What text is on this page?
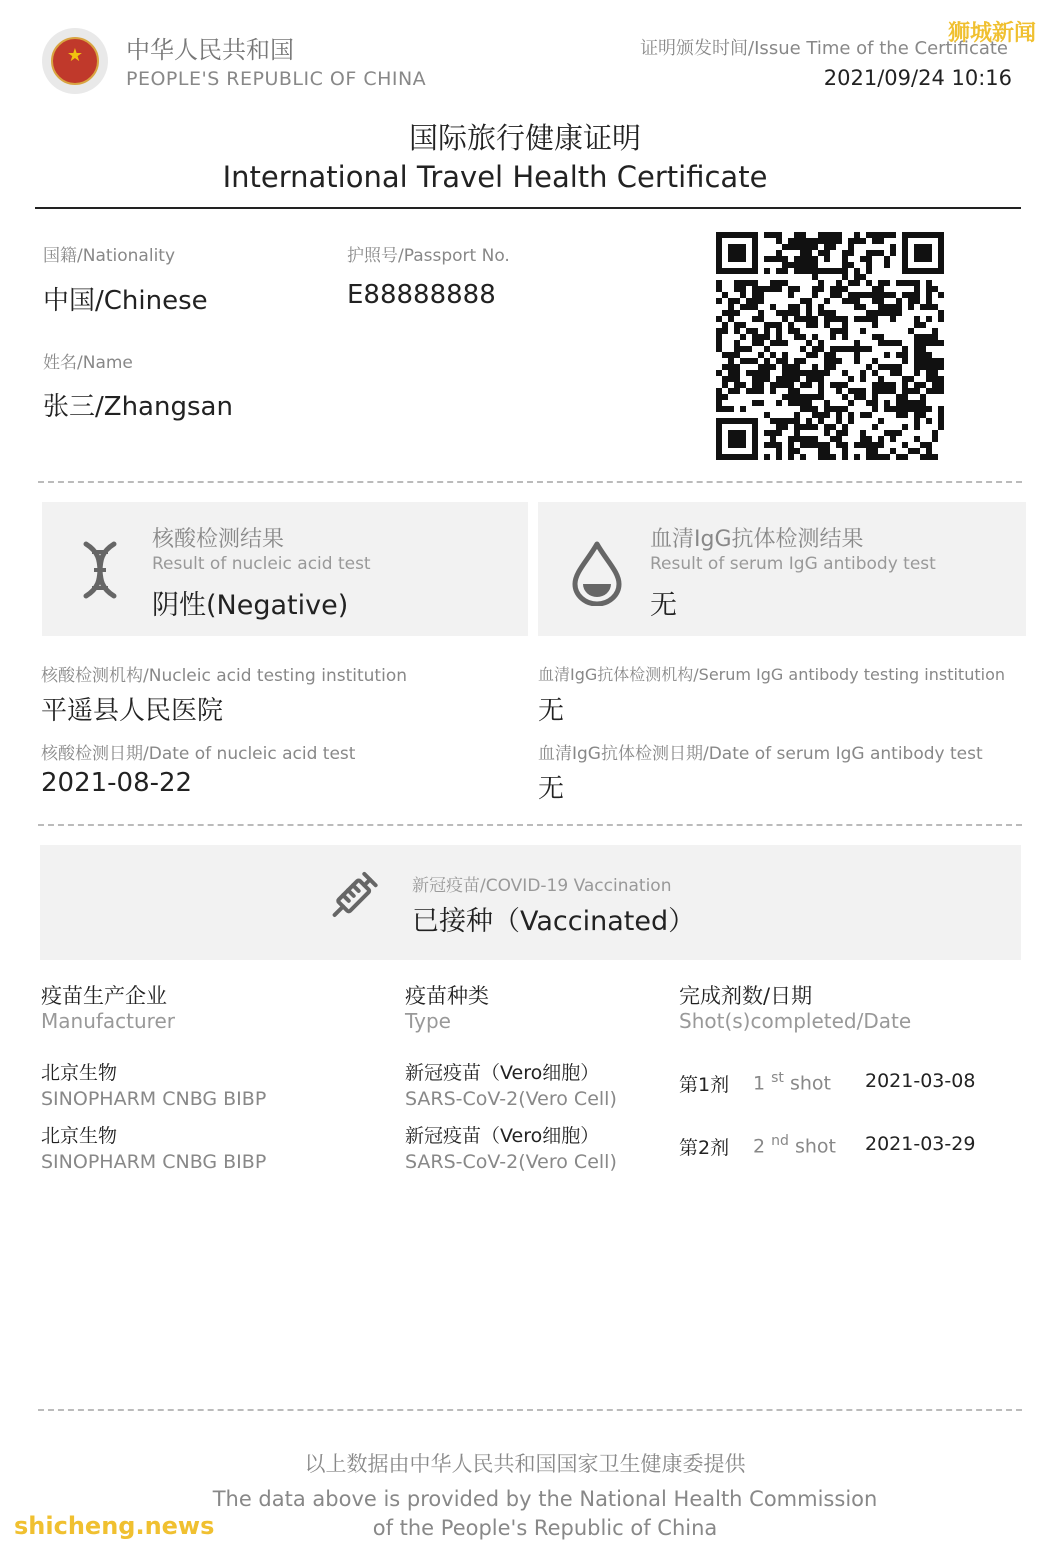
★	中华人民共和国
PEOPLE'S REPUBLIC OF CHINA
证明颁发时间/Issue Time of the Certificate
2021/09/24 10:16
狮城新闻
国际旅行健康证明
International Travel Health Certificate
国籍/Nationality
中国/Chinese
护照号/Passport No.
E88888888
姓名/Name
张三/Zhangsan
核酸检测结果
Result of nucleic acid test
阴性(Negative)
血清IgG抗体检测结果
Result of serum IgG antibody test
无
核酸检测机构/Nucleic acid testing institution
平遥县人民医院
核酸检测日期/Date of nucleic acid test
2021-08-22
血清IgG抗体检测机构/Serum IgG antibody testing institution
无
血清IgG抗体检测日期/Date of serum IgG antibody test
无
新冠疫苗/COVID-19 Vaccination
已接种（Vaccinated）
疫苗生产企业
Manufacturer
疫苗种类
Type
完成剂数/日期
Shot(s)completed/Date
北京生物
SINOPHARM CNBG BIBP
新冠疫苗（Vero细胞）
SARS-CoV-2(Vero Cell)
第1剂 1 $^{st}$ shot 2021-03-08
北京生物
SINOPHARM CNBG BIBP
新冠疫苗（Vero细胞）
SARS-CoV-2(Vero Cell)
第2剂 2 $^{nd}$ shot 2021-03-29
以上数据由中华人民共和国国家卫生健康委提供
The data above is provided by the National Health Commission
of the People's Republic of China
shicheng.news
